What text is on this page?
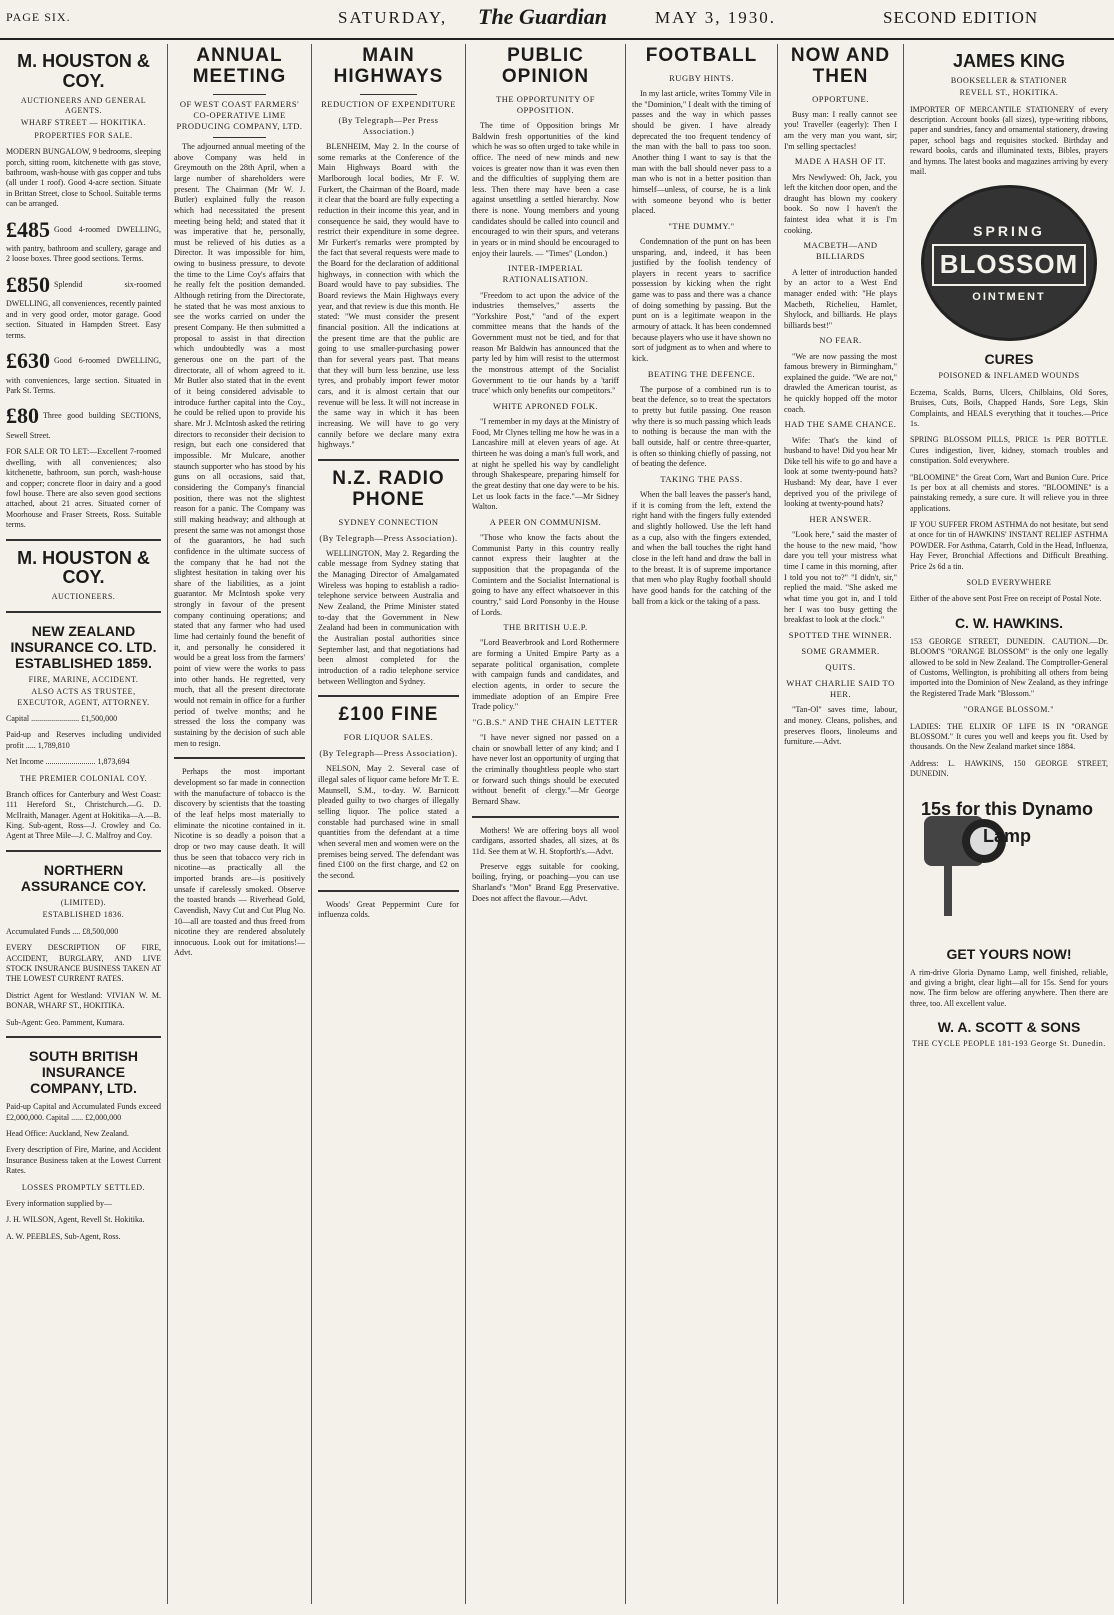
PAGE SIX.	SATURDAY, The Guardian	MAY 3, 1930.	SECOND EDITION
M. HOUSTON & COY.
AUCTIONEERS AND GENERAL AGENTS.
WHARF STREET — HOKITIKA.
PROPERTIES FOR SALE.
MODERN BUNGALOW, 9 bedrooms, sleeping porch, sitting room, kitchenette with gas stove, bathroom, wash-house with gas copper and tubs (all under 1 roof). Good 4-acre section. Situate in Brittan Street, close to School. Suitable terms can be arranged.
£485 Good 4-roomed DWELLING, with pantry, bathroom and scullery, garage and 2 loose boxes. Three good sections. Terms.
£850 Splendid six-roomed DWELLING, all conveniences, recently painted and in very good order, motor garage. Good section. Situated in Hampden Street. Easy terms.
£630 Good 6-roomed DWELLING, with conveniences, large section. Situated in Park St. Terms.
£80 Three good building SECTIONS, Sewell Street.
FOR SALE OR TO LET:—Excellent 7-roomed dwelling, with all conveniences; also kitchenette, bathroom, sun porch, wash-house and copper; concrete floor in dairy and a good fowl house. There are also seven good sections attached, about 21 acres. Situated corner of Moorhouse and Fraser Streets, Ross. Suitable terms.
M. HOUSTON & COY.
AUCTIONEERS.
NEW ZEALAND INSURANCE CO. LTD. ESTABLISHED 1859.
FIRE, MARINE, ACCIDENT.
ALSO ACTS AS TRUSTEE, EXECUTOR, AGENT, ATTORNEY.
Capital ........................ £1,500,000
Paid-up and Reserves including undivided profit ..... 1,789,810
Net Income ......................... 1,873,694
THE PREMIER COLONIAL COY.
Branch offices for Canterbury and West Coast: 111 Hereford St., Christchurch.—G. D. McIlraith, Manager. Agent at Hokitika—A.—B. King. Sub-agent, Ross—J. Crowley and Co. Agent at Three Mile—J. C. Malfroy and Coy.
NORTHERN ASSURANCE COY.
(LIMITED).
ESTABLISHED 1836.
Accumulated Funds .... £8,500,000
EVERY DESCRIPTION OF FIRE, ACCIDENT, BURGLARY, AND LIVE STOCK INSURANCE BUSINESS TAKEN AT THE LOWEST CURRENT RATES.
District Agent for Westland: VIVIAN W. M. BONAR, WHARF ST., HOKITIKA.
Sub-Agent: Geo. Pamment, Kumara.
SOUTH BRITISH INSURANCE COMPANY, LTD.
Paid-up Capital and Accumulated Funds exceed £2,000,000. Capital ...... £2,000,000
Head Office: Auckland, New Zealand.
Every description of Fire, Marine, and Accident Insurance Business taken at the Lowest Current Rates.
LOSSES PROMPTLY SETTLED.
Every information supplied by—
J. H. WILSON, Agent, Revell St. Hokitika.
A. W. PEEBLES, Sub-Agent, Ross.
ANNUAL MEETING
OF WEST COAST FARMERS' CO-OPERATIVE LIME PRODUCING COMPANY, LTD.

The adjourned annual meeting of the above Company was held in Greymouth on the 28th April, when a large number of shareholders were present. The Chairman (Mr W. J. Butler) explained fully the reason which had necessitated the present meeting being held; and stated that it was imperative that he, personally, must be relieved of his duties as a Director. It was impossible for him, owing to business pressure, to devote the time to the Lime Coy's affairs that he really felt the position demanded. Although retiring from the Directorate, he stated that he was most anxious to see the works carried on under the present Company. He then submitted a proposal to assist in that direction which undoubtedly was a most generous one on the part of the directorate, all of whom agreed to it. Mr Butler also stated that in the event of it being considered advisable to introduce further capital into the Coy., he could be relied upon to provide his share. Mr J. McIntosh asked the retiring directors to reconsider their decision to resign, but each one considered that impossible. Mr Mulcare, another staunch supporter who has stood by his guns on all occasions, said that, considering the Company's financial position, there was not the slightest reason for a panic. The Company was still making headway; and although at present the same was not amongst those of the guarantors, he had such confidence in the ultimate success of the company that he had not the slightest hesitation in taking over his share of the liabilities, as a joint guarantor. Mr McIntosh spoke very strongly in favour of the present company continuing operations; and stated that any farmer who had used lime had certainly found the benefit of it, and personally he considered it would be a great loss from the farmers' point of view were the works to pass into other hands. He regretted, very much, that all the present directorate would not remain in office for a further period of twelve months; and he stressed the loss the company was sustaining by the decision of such able men to resign.

Perhaps the most important development so far made in connection with the manufacture of tobacco is the discovery by scientists that the toasting of the leaf helps most materially to eliminate the nicotine contained in it. Nicotine is so deadly a poison that a drop or two may cause death. It will thus be seen that tobacco very rich in nicotine—as practically all the imported brands are—is positively unsafe if carelessly smoked. Observe the toasted brands — Riverhead Gold, Cavendish, Navy Cut and Cut Plug No. 10—all are toasted and thus freed from nicotine they are rendered absolutely innocuous. Look out for imitations!—Advt.

MAIN HIGHWAYS
REDUCTION OF EXPENDITURE
(By Telegraph—Per Press Association.)

BLENHEIM, May 2. In the course of some remarks at the Conference of the Main Highways Board with the Marlborough local bodies, Mr F. W. Furkert, the Chairman of the Board, made it clear that the board are fully expecting a reduction in their income this year, and in consequence he said, they would have to restrict their expenditure in some degree. Mr Furkert's remarks were prompted by the fact that several requests were made to the Board for the declaration of additional highways, in connection with which the Board would have to pay subsidies. The Board reviews the Main Highways every year, and that review is due this month. He stated: "We must consider the present financial position. All the indications at the present time are that the public are going to use smaller-purchasing power than for several years past. That means that they will burn less benzine, use less tyres, and probably import fewer motor cars, and it is almost certain that our revenue will be less. It will not increase in the same way in which it has been increasing. We will have to go very cannily before we declare many extra highways."

N.Z. RADIO PHONE
SYDNEY CONNECTION
(By Telegraph—Press Association).

WELLINGTON, May 2. Regarding the cable message from Sydney stating that the Managing Director of Amalgamated Wireless was hoping to establish a radio-telephone service between Australia and New Zealand, the Prime Minister stated to-day that the Government in New Zealand had been in communication with the Australian postal authorities since September last, and that negotiations had been almost completed for the introduction of a radio telephone service between Wellington and Sydney.

£100 FINE
FOR LIQUOR SALES.
(By Telegraph—Press Association).

NELSON, May 2. Several case of illegal sales of liquor came before Mr T. E. Maunsell, S.M., to-day. W. Barnicott pleaded guilty to two charges of illegally selling liquor. The police stated a constable had purchased wine in small quantities from the defendant at a time when several men and women were on the premises being served. The defendant was fined £100 on the first charge, and £2 on the second.

Woods' Great Peppermint Cure for influenza colds.

PUBLIC OPINION
THE OPPORTUNITY OF OPPOSITION.

The time of Opposition brings Mr Baldwin fresh opportunities of the kind which he was so often urged to take while in office. The need of new minds and new voices is greater now than it was even then and the difficulties of supplying them are less. Then there may have been a case against unsettling a settled hierarchy. Now there is none. Young members and young candidates should be called into council and encouraged to win their spurs, and veterans in years or in mind should be encouraged to enjoy their laurels. — "Times" (London.)

INTER-IMPERIAL RATIONALISATION.

"Freedom to act upon the advice of the industries themselves," asserts the "Yorkshire Post," "and of the expert committee means that the hands of the Government must not be tied, and for that reason Mr Baldwin has announced that the party led by him will resist to the uttermost the monstrous attempt of the Socialist Government to tie our hands by a 'tariff truce' which only benefits our competitors."

WHITE APRONED FOLK.

"I remember in my days at the Ministry of Food, Mr Clynes telling me how he was in a Lancashire mill at eleven years of age. At thirteen he was doing a man's full work, and at night he spelled his way by candlelight through Shakespeare, preparing himself for the great destiny that one day were to be his. Let us look facts in the face."—Mr Sidney Walton.

A PEER ON COMMUNISM.

"Those who know the facts about the Communist Party in this country really cannot express their laughter at the supposition that the propaganda of the Comintern and the Socialist International is going to have any effect whatsoever in this country," said Lord Ponsonby in the House of Lords.

THE BRITISH U.E.P.

"Lord Beaverbrook and Lord Rothermere are forming a United Empire Party as a separate political organisation, complete with campaign funds and candidates, and election agents, in order to secure the immediate adoption of an Empire Free Trade policy."

"G.B.S." AND THE CHAIN LETTER

"I have never signed nor passed on a chain or snowball letter of any kind; and I have never lost an opportunity of urging that the criminally thoughtless people who start or forward such things should be executed without benefit of clergy."—Mr George Bernard Shaw.

Mothers! We are offering boys all wool cardigans, assorted shades, all sizes, at 8s 11d. See them at W. H. Stopforth's.—Advt.

Preserve eggs suitable for cooking, boiling, frying, or poaching—you can use Sharland's "Mon" Brand Egg Preservative. Does not affect the flavour.—Advt.

FOOTBALL
RUGBY HINTS.

In my last article, writes Tommy Vile in the "Dominion," I dealt with the timing of passes and the way in which passes should be given. I have already deprecated the too frequent tendency of the man with the ball to pass too soon. Another thing I want to say is that the man with the ball should never pass to a man who is not in a better position than himself—unless, of course, he is a link with someone beyond who is better placed.

"THE DUMMY."

Condemnation of the punt on has been unsparing, and, indeed, it has been justified by the foolish tendency of players in recent years to sacrifice possession by kicking when the right game was to pass and there was a chance of doing something by passing. But the punt on is a legitimate weapon in the armoury of attack. It has been condemned because players who use it have shown no sort of judgment as to when and where to kick.

BEATING THE DEFENCE.

The purpose of a combined run is to beat the defence, so to treat the spectators to pretty but futile passing. One reason why there is so much passing which leads to nothing is because the man with the ball outside, half or centre three-quarter, is often so thinking chiefly of passing, not of beating the defence.

TAKING THE PASS.

When the ball leaves the passer's hand, if it is coming from the left, extend the right hand with the fingers fully extended and slightly hollowed. Use the left hand as a cup, also with the fingers extended, and when the ball touches the right hand close in the left hand and draw the ball in to the breast. It is of supreme importance that men who play Rugby football should have good hands for the catching of the ball from a kick or the taking of a pass.

NOW AND THEN
OPPORTUNE.

Busy man: I really cannot see you! Traveller (eagerly): Then I am the very man you want, sir; I'm selling spectacles!

MADE A HASH OF IT.

Mrs Newlywed: Oh, Jack, you left the kitchen door open, and the draught has blown my cookery book. So now I haven't the faintest idea what it is I'm cooking.

MACBETH—AND BILLIARDS

A letter of introduction handed by an actor to a West End manager ended with: "He plays Macbeth, Richelieu, Hamlet, Shylock, and billiards. He plays billiards best!"

NO FEAR.

"We are now passing the most famous brewery in Birmingham," explained the guide. "We are not," drawled the American tourist, as he quickly hopped off the motor coach.

HAD THE SAME CHANCE.

Wife: That's the kind of husband to have! Did you hear Mr Dike tell his wife to go and have a look at some twenty-pound hats? Husband: My dear, have I ever deprived you of the privilege of looking at twenty-pound hats?

HER ANSWER.

"Look here," said the master of the house to the new maid, "how dare you tell your mistress what time I came in this morning, after I told you not to?" "I didn't, sir," replied the maid. "She asked me what time you got in, and I told her I was too busy getting the breakfast to look at the clock."

SPOTTED THE WINNER.
SOME GRAMMER.
QUITS.
WHAT CHARLIE SAID TO HER.

"Tan-Ol" saves time, labour, and money. Cleans, polishes, and preserves floors, linoleums and furniture.—Advt.

JAMES KING
BOOKSELLER & STATIONER
REVELL ST., HOKITIKA.
IMPORTER OF MERCANTILE STATIONERY of every description. Account books (all sizes), type-writing ribbons, paper and sundries, fancy and ornamental stationery, drawing paper, school bags and requisites stocked. Birthday and reward books, cards and illuminated texts, Bibles, prayers and hymns. The latest books and magazines arriving by every mail.
SPRING
BLOSSOM
OINTMENT
CURES
POISONED & INFLAMED WOUNDS
Eczema, Scalds, Burns, Ulcers, Chilblains, Old Sores, Bruises, Cuts, Boils, Chapped Hands, Sore Legs, Skin Complaints, and HEALS everything that it touches.—Price 1s.
SPRING BLOSSOM PILLS, PRICE 1s PER BOTTLE. Cures indigestion, liver, kidney, stomach troubles and constipation. Sold everywhere.
"BLOOMINE" the Great Corn, Wart and Bunion Cure. Price 1s per box at all chemists and stores. "BLOOMINE" is a painstaking remedy, a sure cure. It will relieve you in three applications.
IF YOU SUFFER FROM ASTHMA do not hesitate, but send at once for tin of HAWKINS' INSTANT RELIEF ASTHMA POWDER. For Asthma, Catarrh, Cold in the Head, Influenza, Hay Fever, Bronchial Affections and Difficult Breathing. Price 2s 6d a tin.
SOLD EVERYWHERE
Either of the above sent Post Free on receipt of Postal Note.
C. W. HAWKINS.
153 GEORGE STREET, DUNEDIN. CAUTION.—Dr. BLOOM'S "ORANGE BLOSSOM" is the only one legally allowed to be sold in New Zealand. The Comptroller-General of Customs, Wellington, is prohibiting all others from being imported into the Dominion of New Zealand, as they infringe the Registered Trade Mark "Blossom."
"ORANGE BLOSSOM."
LADIES: THE ELIXIR OF LIFE IS IN "ORANGE BLOSSOM." It cures you well and keeps you fit. Used by thousands. On the New Zealand market since 1884.
Address: L. HAWKINS, 150 GEORGE STREET, DUNEDIN.
15s for this Dynamo Lamp
GET YOURS NOW!
A rim-drive Gloria Dynamo Lamp, well finished, reliable, and giving a bright, clear light—all for 15s. Send for yours now. The firm below are offering anywhere. Then there are three, too. All excellent value.
W. A. SCOTT & SONS
THE CYCLE PEOPLE 181-193 George St. Dunedin.
